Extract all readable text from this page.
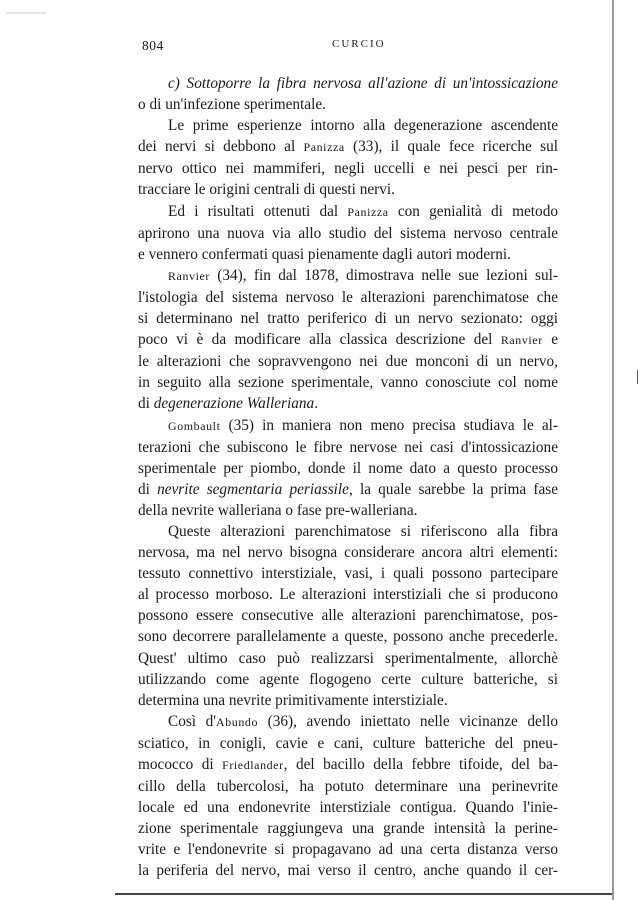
804	CURCIO

c) Sottoporre la fibra nervosa all'azione di un'intossicazione

o di un'infezione sperimentale.

Le prime esperienze intorno alla degenerazione ascendente

dei nervi si debbono al Panizza (33), il quale fece ricerche sul

nervo ottico nei mammiferi, negli uccelli e nei pesci per rin-

tracciare le origini centrali di questi nervi.

Ed i risultati ottenuti dal Panizza con genialità di metodo

aprirono una nuova via allo studio del sistema nervoso centrale

e vennero confermati quasi pienamente dagli autori moderni.

Ranvier (34), fin dal 1878, dimostrava nelle sue lezioni sul-

l'istologia del sistema nervoso le alterazioni parenchimatose che

si determinano nel tratto periferico di un nervo sezionato: oggi

poco vi è da modificare alla classica descrizione del Ranvier e

le alterazioni che sopravvengono nei due monconi di un nervo,

in seguito alla sezione sperimentale, vanno conosciute col nome

di degenerazione Walleriana.

Gombault (35) in maniera non meno precisa studiava le al-

terazioni che subiscono le fibre nervose nei casi d'intossicazione

sperimentale per piombo, donde il nome dato a questo processo

di nevrite segmentaria periassile, la quale sarebbe la prima fase

della nevrite walleriana o fase pre-walleriana.

Queste alterazioni parenchimatose si riferiscono alla fibra

nervosa, ma nel nervo bisogna considerare ancora altri elementi:

tessuto connettivo interstiziale, vasi, i quali possono partecipare

al processo morboso. Le alterazioni interstiziali che si producono

possono essere consecutive alle alterazioni parenchimatose, pos-

sono decorrere parallelamente a queste, possono anche precederle.

Quest' ultimo caso può realizzarsi sperimentalmente, allorchè

utilizzando come agente flogogeno certe culture batteriche, si

determina una nevrite primitivamente interstiziale.

Così d'Abundo (36), avendo iniettato nelle vicinanze dello

sciatico, in conigli, cavie e cani, culture batteriche del pneu-

mococco di Friedlander, del bacillo della febbre tifoide, del ba-

cillo della tubercolosi, ha potuto determinare una perinevrite

locale ed una endonevrite interstiziale contigua. Quando l'inie-

zione sperimentale raggiungeva una grande intensità la perine-

vrite e l'endonevrite si propagavano ad una certa distanza verso

la periferia del nervo, mai verso il centro, anche quando il cer-
